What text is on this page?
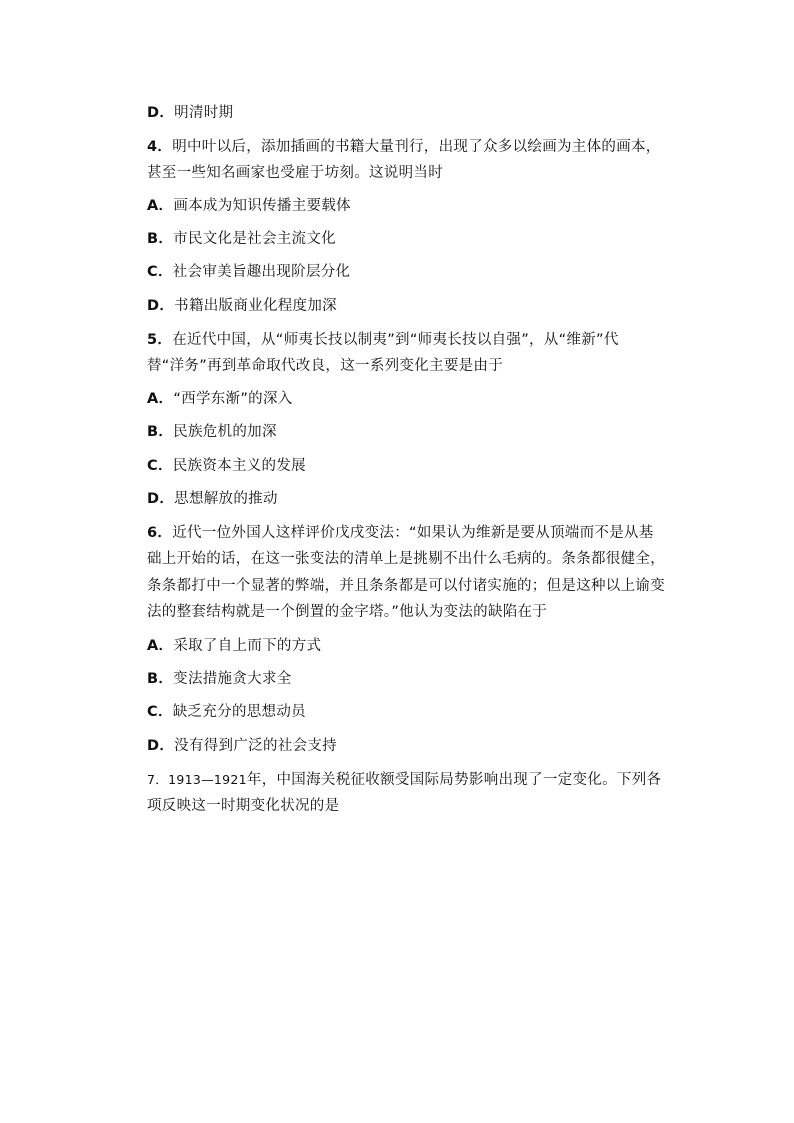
D．明清时期
4．明中叶以后，添加插画的书籍大量刊行，出现了众多以绘画为主体的画本，
甚至一些知名画家也受雇于坊刻。这说明当时
A．画本成为知识传播主要载体
B．市民文化是社会主流文化
C．社会审美旨趣出现阶层分化
D．书籍出版商业化程度加深
5．在近代中国，从“师夷长技以制夷”到“师夷长技以自强”，从“维新”代
替“洋务”再到革命取代改良，这一系列变化主要是由于
A．“西学东渐”的深入
B．民族危机的加深
C．民族资本主义的发展
D．思想解放的推动
6．近代一位外国人这样评价戊戌变法：“如果认为维新是要从顶端而不是从基
础上开始的话，在这一张变法的清单上是挑剔不出什么毛病的。条条都很健全，
条条都打中一个显著的弊端，并且条条都是可以付诸实施的；但是这种以上谕变
法的整套结构就是一个倒置的金字塔。”他认为变法的缺陷在于
A．采取了自上而下的方式
B．变法措施贪大求全
C．缺乏充分的思想动员
D．没有得到广泛的社会支持
7．1913—1921年，中国海关税征收额受国际局势影响出现了一定变化。下列各
项反映这一时期变化状况的是
